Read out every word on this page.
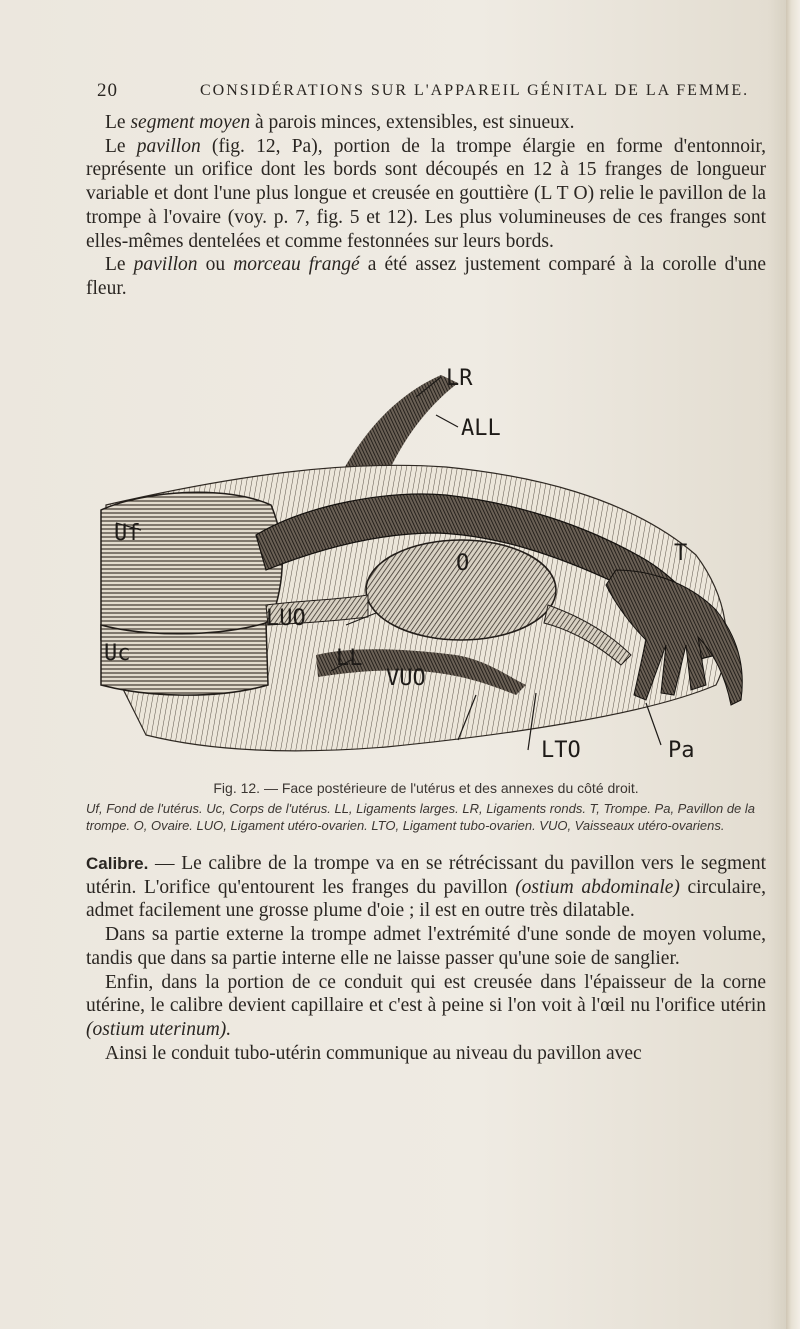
20	CONSIDÉRATIONS SUR L'APPAREIL GÉNITAL DE LA FEMME.

Le segment moyen à parois minces, extensibles, est sinueux.

Le pavillon (fig. 12, Pa), portion de la trompe élargie en forme d'entonnoir, représente un orifice dont les bords sont découpés en 12 à 15 franges de longueur variable et dont l'une plus longue et creusée en gouttière (L T O) relie le pavillon de la trompe à l'ovaire (voy. p. 7, fig. 5 et 12). Les plus volumineuses de ces franges sont elles-mêmes dentelées et comme festonnées sur leurs bords.

Le pavillon ou morceau frangé a été assez justement comparé à la corolle d'une fleur.

LR
ALL
Uf
Uc
O	T
LUO
LL
VUO
LTO	Pa
Fig. 12. — Face postérieure de l'utérus et des annexes du côté droit.
Uf, Fond de l'utérus. Uc, Corps de l'utérus. LL, Ligaments larges. LR, Ligaments ronds. T, Trompe. Pa, Pavillon de la trompe. O, Ovaire. LUO, Ligament utéro-ovarien. LTO, Ligament tubo-ovarien. VUO, Vaisseaux utéro-ovariens.

Calibre. — Le calibre de la trompe va en se rétrécissant du pavillon vers le segment utérin. L'orifice qu'entourent les franges du pavillon (ostium abdominale) circulaire, admet facilement une grosse plume d'oie ; il est en outre très dilatable.

Dans sa partie externe la trompe admet l'extrémité d'une sonde de moyen volume, tandis que dans sa partie interne elle ne laisse passer qu'une soie de sanglier.

Enfin, dans la portion de ce conduit qui est creusée dans l'épaisseur de la corne utérine, le calibre devient capillaire et c'est à peine si l'on voit à l'œil nu l'orifice utérin (ostium uterinum).

Ainsi le conduit tubo-utérin communique au niveau du pavillon avec
